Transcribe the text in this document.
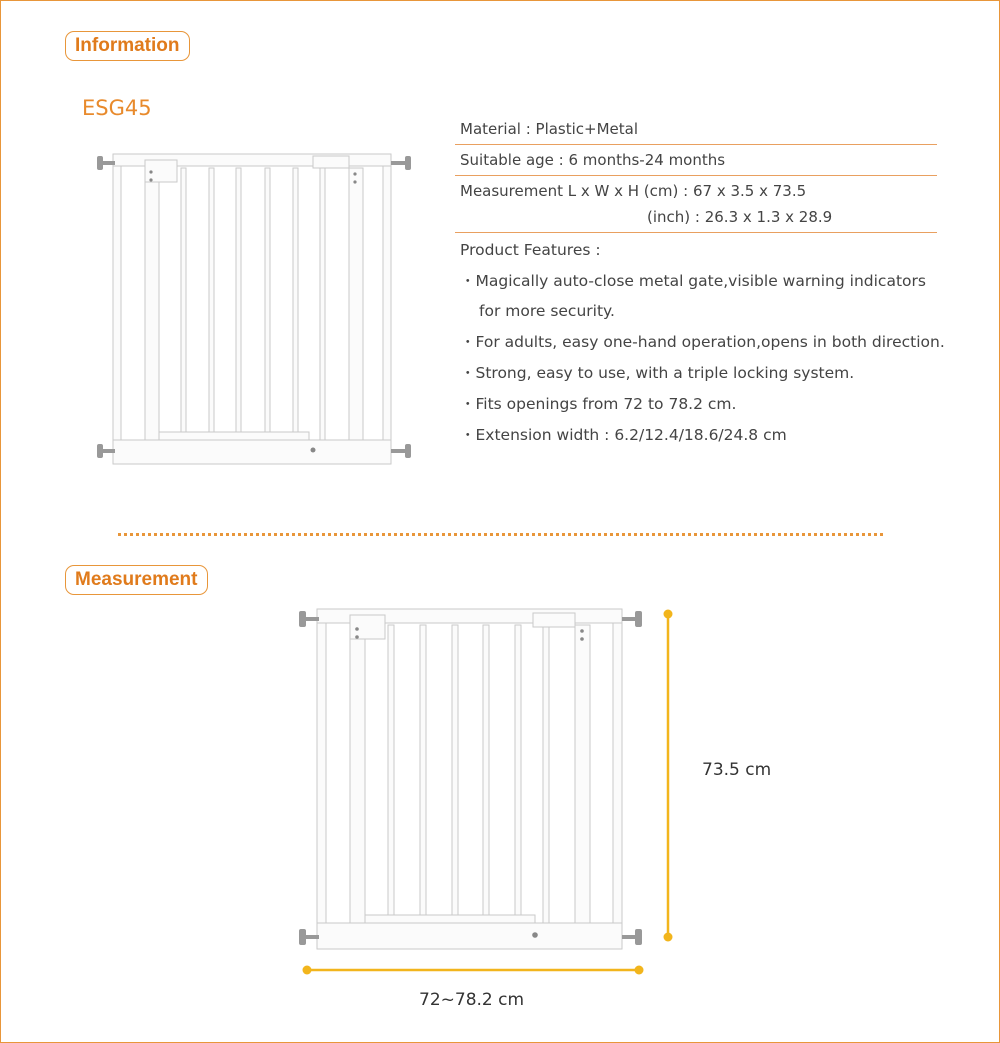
Information
ESG45
Material : Plastic+Metal
Suitable age : 6 months-24 months
Measurement L x W x H (cm) : 67 x 3.5 x 73.5
(inch) : 26.3 x 1.3 x 28.9
Product Features :
・Magically auto-close metal gate,visible warning indicators
for more security.
・For adults, easy one-hand operation,opens in both direction.
・Strong, easy to use, with a triple locking system.
・Fits openings from 72 to 78.2 cm.
・Extension width : 6.2/12.4/18.6/24.8 cm
Measurement
73.5 cm
72~78.2 cm
